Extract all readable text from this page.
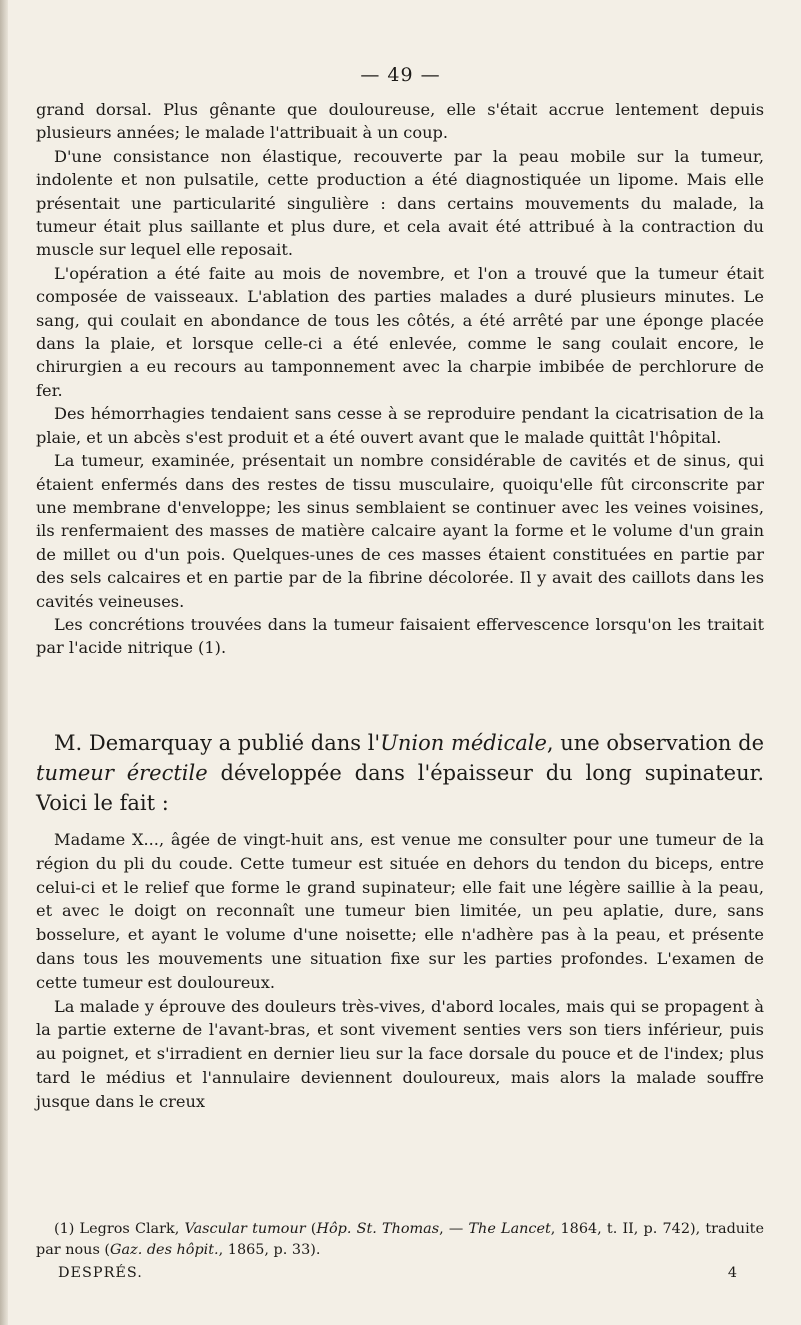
— 49 —

grand dorsal. Plus gênante que douloureuse, elle s'était accrue lentement depuis plusieurs années; le malade l'attribuait à un coup.

D'une consistance non élastique, recouverte par la peau mobile sur la tumeur, indolente et non pulsatile, cette production a été diagnostiquée un lipome. Mais elle présentait une particularité singulière : dans certains mouvements du malade, la tumeur était plus saillante et plus dure, et cela avait été attribué à la contraction du muscle sur lequel elle reposait.

L'opération a été faite au mois de novembre, et l'on a trouvé que la tumeur était composée de vaisseaux. L'ablation des parties malades a duré plusieurs minutes. Le sang, qui coulait en abondance de tous les côtés, a été arrêté par une éponge placée dans la plaie, et lorsque celle-ci a été enlevée, comme le sang coulait encore, le chirurgien a eu recours au tamponnement avec la charpie imbibée de perchlorure de fer.

Des hémorrhagies tendaient sans cesse à se reproduire pendant la cicatrisation de la plaie, et un abcès s'est produit et a été ouvert avant que le malade quittât l'hôpital.

La tumeur, examinée, présentait un nombre considérable de cavités et de sinus, qui étaient enfermés dans des restes de tissu musculaire, quoiqu'elle fût circonscrite par une membrane d'enveloppe; les sinus semblaient se continuer avec les veines voisines, ils renfermaient des masses de matière calcaire ayant la forme et le volume d'un grain de millet ou d'un pois. Quelques-unes de ces masses étaient constituées en partie par des sels calcaires et en partie par de la fibrine décolorée. Il y avait des caillots dans les cavités veineuses.

Les concrétions trouvées dans la tumeur faisaient effervescence lorsqu'on les traitait par l'acide nitrique (1).

M. Demarquay a publié dans l'Union médicale, une observation de tumeur érectile développée dans l'épaisseur du long supinateur. Voici le fait :

Madame X..., âgée de vingt-huit ans, est venue me consulter pour une tumeur de la région du pli du coude. Cette tumeur est située en dehors du tendon du biceps, entre celui-ci et le relief que forme le grand supinateur; elle fait une légère saillie à la peau, et avec le doigt on reconnaît une tumeur bien limitée, un peu aplatie, dure, sans bosselure, et ayant le volume d'une noisette; elle n'adhère pas à la peau, et présente dans tous les mouvements une situation fixe sur les parties profondes. L'examen de cette tumeur est douloureux.

La malade y éprouve des douleurs très-vives, d'abord locales, mais qui se propagent à la partie externe de l'avant-bras, et sont vivement senties vers son tiers inférieur, puis au poignet, et s'irradient en dernier lieu sur la face dorsale du pouce et de l'index; plus tard le médius et l'annulaire deviennent douloureux, mais alors la malade souffre jusque dans le creux

(1) Legros Clark, Vascular tumour (Hôp. St. Thomas, — The Lancet, 1864, t. II, p. 742), traduite par nous (Gaz. des hôpit., 1865, p. 33).

DESPRÉS.	4
